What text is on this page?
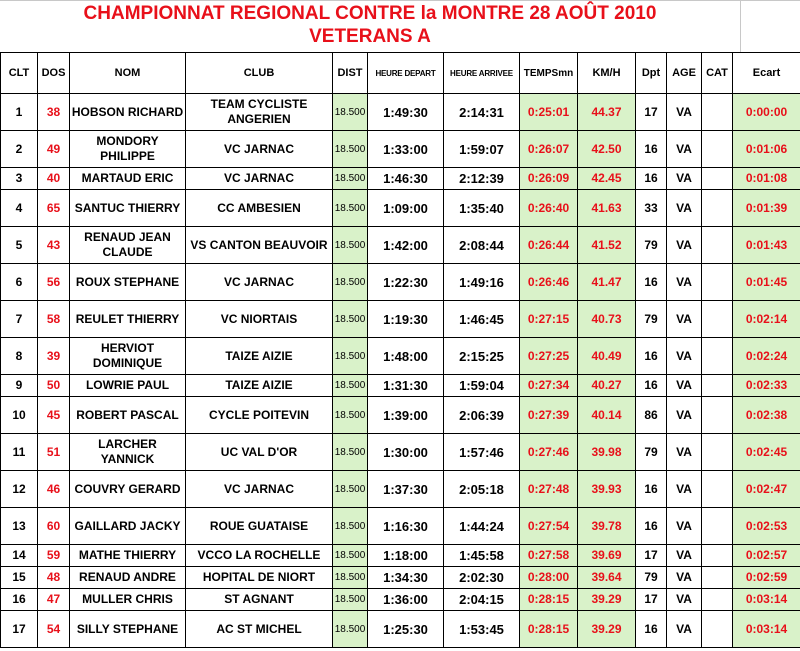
CHAMPIONNAT REGIONAL CONTRE la MONTRE 28 AOÛT 2010
VETERANS A
CLT	DOS	NOM	CLUB	DIST	HEURE DEPART	HEURE ARRIVEE	TEMPSmn	KM/H	Dpt	AGE	CAT	Ecart
1	38	HOBSON RICHARD	TEAM CYCLISTE ANGERIEN	18.500	1:49:30	2:14:31	0:25:01	44.37	17	VA		0:00:00
2	49	MONDORY PHILIPPE	VC JARNAC	18.500	1:33:00	1:59:07	0:26:07	42.50	16	VA		0:01:06
3	40	MARTAUD ERIC	VC JARNAC	18.500	1:46:30	2:12:39	0:26:09	42.45	16	VA		0:01:08
4	65	SANTUC THIERRY	CC AMBESIEN	18.500	1:09:00	1:35:40	0:26:40	41.63	33	VA		0:01:39
5	43	RENAUD JEAN CLAUDE	VS CANTON BEAUVOIR	18.500	1:42:00	2:08:44	0:26:44	41.52	79	VA		0:01:43
6	56	ROUX STEPHANE	VC JARNAC	18.500	1:22:30	1:49:16	0:26:46	41.47	16	VA		0:01:45
7	58	REULET THIERRY	VC NIORTAIS	18.500	1:19:30	1:46:45	0:27:15	40.73	79	VA		0:02:14
8	39	HERVIOT DOMINIQUE	TAIZE AIZIE	18.500	1:48:00	2:15:25	0:27:25	40.49	16	VA		0:02:24
9	50	LOWRIE PAUL	TAIZE AIZIE	18.500	1:31:30	1:59:04	0:27:34	40.27	16	VA		0:02:33
10	45	ROBERT PASCAL	CYCLE POITEVIN	18.500	1:39:00	2:06:39	0:27:39	40.14	86	VA		0:02:38
11	51	LARCHER YANNICK	UC VAL D'OR	18.500	1:30:00	1:57:46	0:27:46	39.98	79	VA		0:02:45
12	46	COUVRY GERARD	VC JARNAC	18.500	1:37:30	2:05:18	0:27:48	39.93	16	VA		0:02:47
13	60	GAILLARD JACKY	ROUE GUATAISE	18.500	1:16:30	1:44:24	0:27:54	39.78	16	VA		0:02:53
14	59	MATHE THIERRY	VCCO LA ROCHELLE	18.500	1:18:00	1:45:58	0:27:58	39.69	17	VA		0:02:57
15	48	RENAUD ANDRE	HOPITAL DE NIORT	18.500	1:34:30	2:02:30	0:28:00	39.64	79	VA		0:02:59
16	47	MULLER CHRIS	ST AGNANT	18.500	1:36:00	2:04:15	0:28:15	39.29	17	VA		0:03:14
17	54	SILLY STEPHANE	AC ST MICHEL	18.500	1:25:30	1:53:45	0:28:15	39.29	16	VA		0:03:14
